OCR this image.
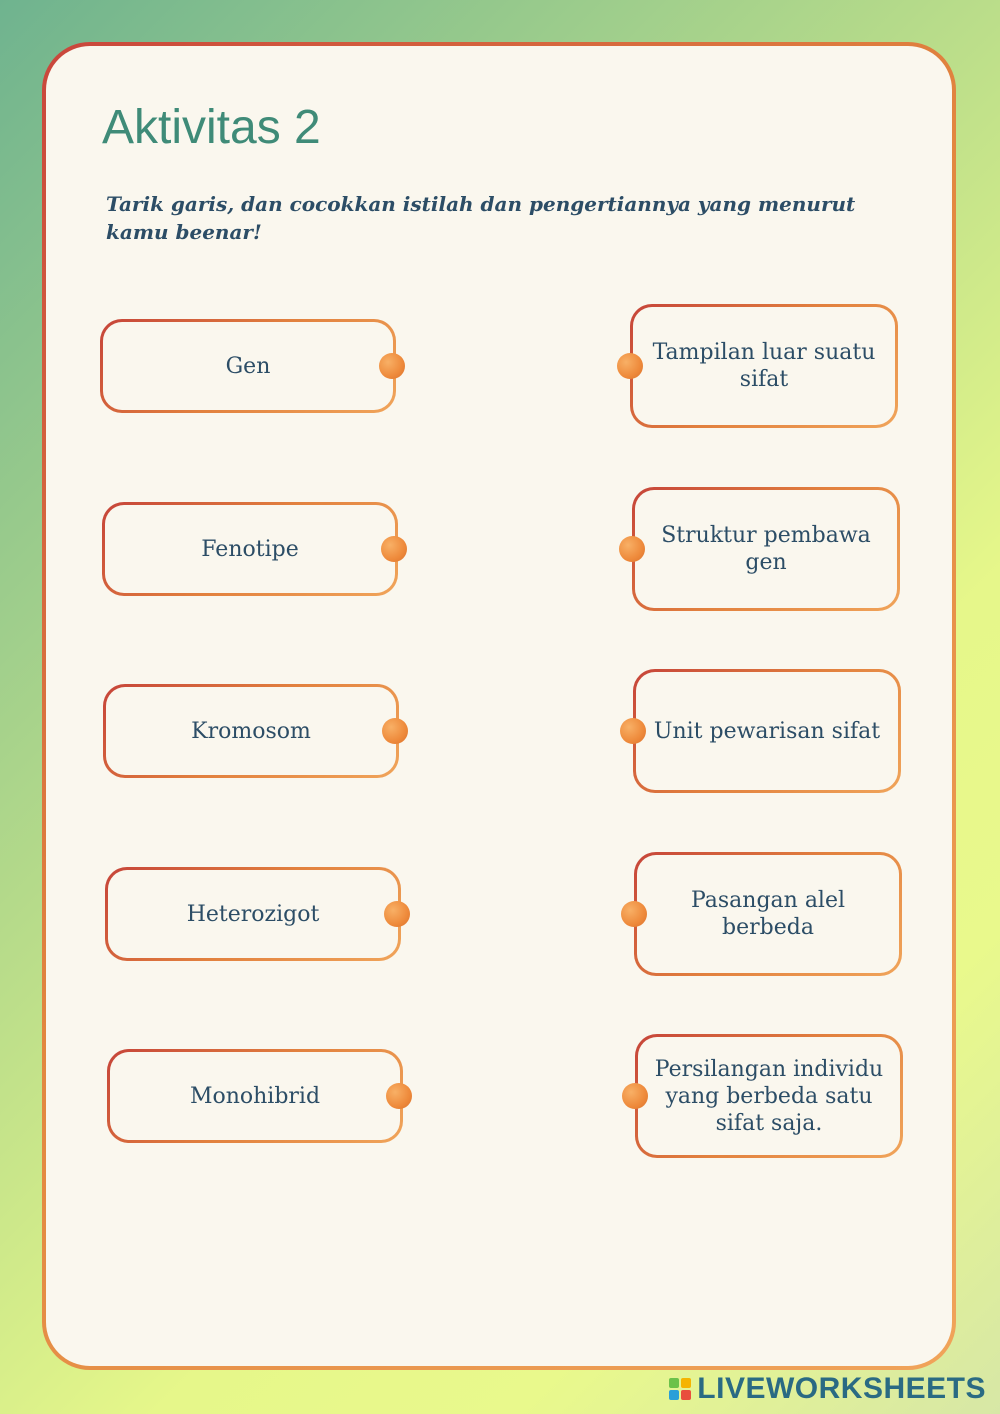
Aktivitas 2

Tarik garis, dan cocokkan istilah dan pengertiannya yang menurut kamu beenar!

Gen
Fenotipe
Kromosom
Heterozigot
Monohibrid
Tampilan luar suatu sifat
Struktur pembawa gen
Unit pewarisan sifat
Pasangan alel berbeda
Persilangan individu yang berbeda satu sifat saja.
LIVEWORKSHEETS
